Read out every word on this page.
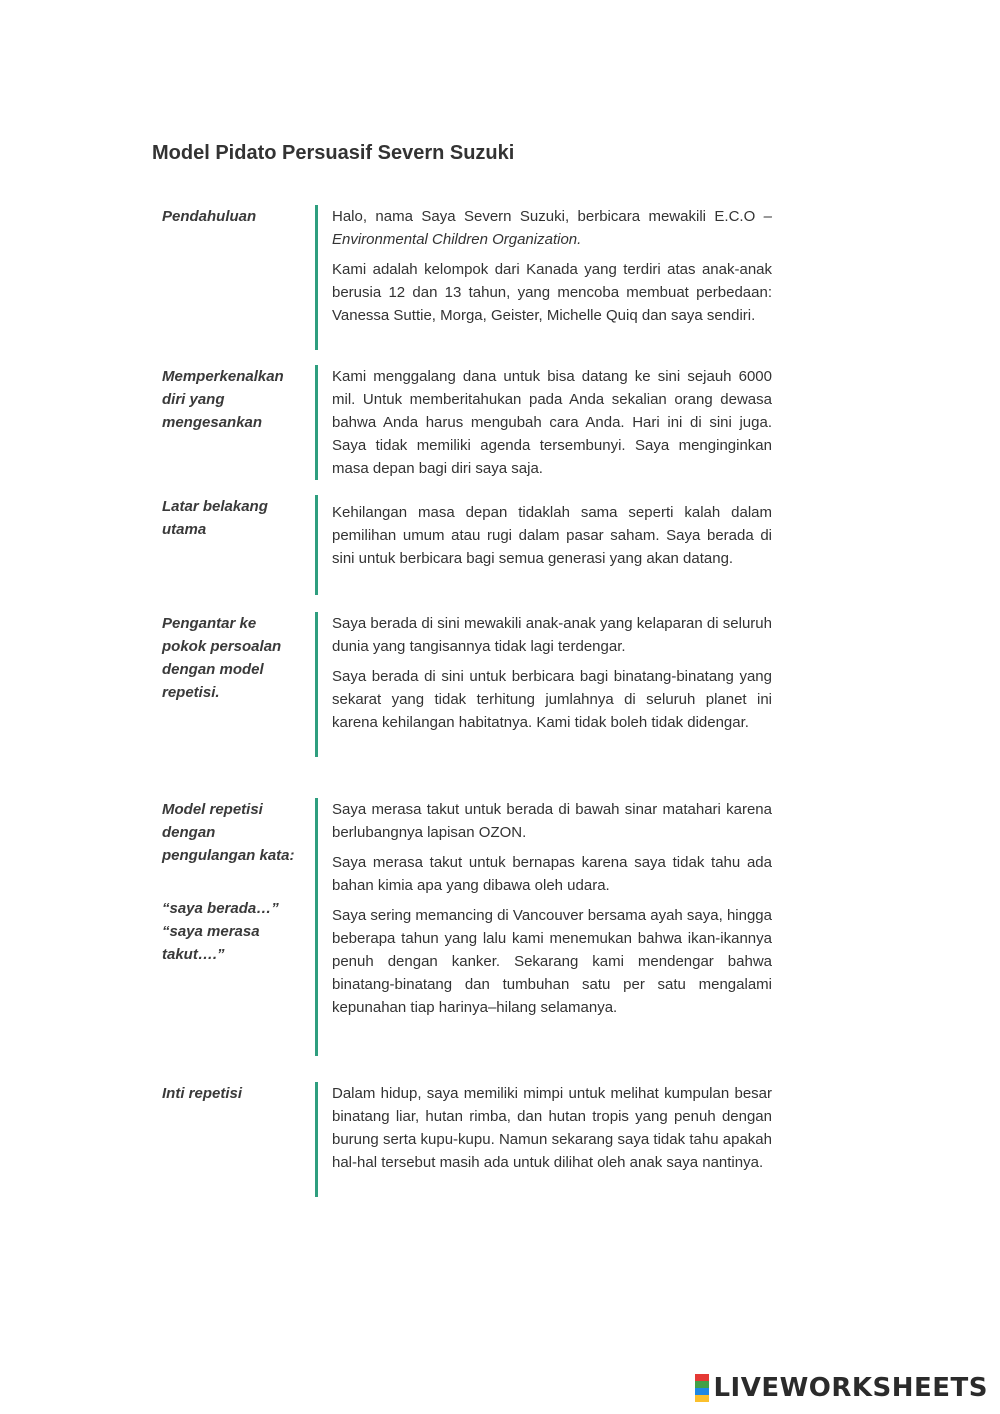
Model Pidato Persuasif Severn Suzuki

Pendahuluan	Halo, nama Saya Severn Suzuki, berbicara mewakili E.C.O – Environmental Children Organization.

Kami adalah kelompok dari Kanada yang terdiri atas anak-anak berusia 12 dan 13 tahun, yang mencoba membuat perbedaan: Vanessa Suttie, Morga, Geister, Michelle Quiq dan saya sendiri.

Memperkenalkan diri yang mengesankan

Kami menggalang dana untuk bisa datang ke sini sejauh 6000 mil. Untuk memberitahukan pada Anda sekalian orang dewasa bahwa Anda harus mengubah cara Anda. Hari ini di sini juga. Saya tidak memiliki agenda tersembunyi. Saya menginginkan masa depan bagi diri saya saja.

Latar belakang utama

Kehilangan masa depan tidaklah sama seperti kalah dalam pemilihan umum atau rugi dalam pasar saham. Saya berada di sini untuk berbicara bagi semua generasi yang akan datang.

Pengantar ke pokok persoalan dengan model repetisi.

Saya berada di sini mewakili anak-anak yang kelaparan di seluruh dunia yang tangisannya tidak lagi terdengar.

Saya berada di sini untuk berbicara bagi binatang-binatang yang sekarat yang tidak terhitung jumlahnya di seluruh planet ini karena kehilangan habitatnya. Kami tidak boleh tidak didengar.

Model repetisi dengan pengulangan kata:

“saya berada…” “saya merasa takut….”

Saya merasa takut untuk berada di bawah sinar matahari karena berlubangnya lapisan OZON.

Saya merasa takut untuk bernapas karena saya tidak tahu ada bahan kimia apa yang dibawa oleh udara.

Saya sering memancing di Vancouver bersama ayah saya, hingga beberapa tahun yang lalu kami menemukan bahwa ikan-ikannya penuh dengan kanker. Sekarang kami mendengar bahwa binatang-binatang dan tumbuhan satu per satu mengalami kepunahan tiap harinya–hilang selamanya.

Inti repetisi	Dalam hidup, saya memiliki mimpi untuk melihat kumpulan besar binatang liar, hutan rimba, dan hutan tropis yang penuh dengan burung serta kupu-kupu. Namun sekarang saya tidak tahu apakah hal-hal tersebut masih ada untuk dilihat oleh anak saya nantinya.

LIVEWORKSHEETS
